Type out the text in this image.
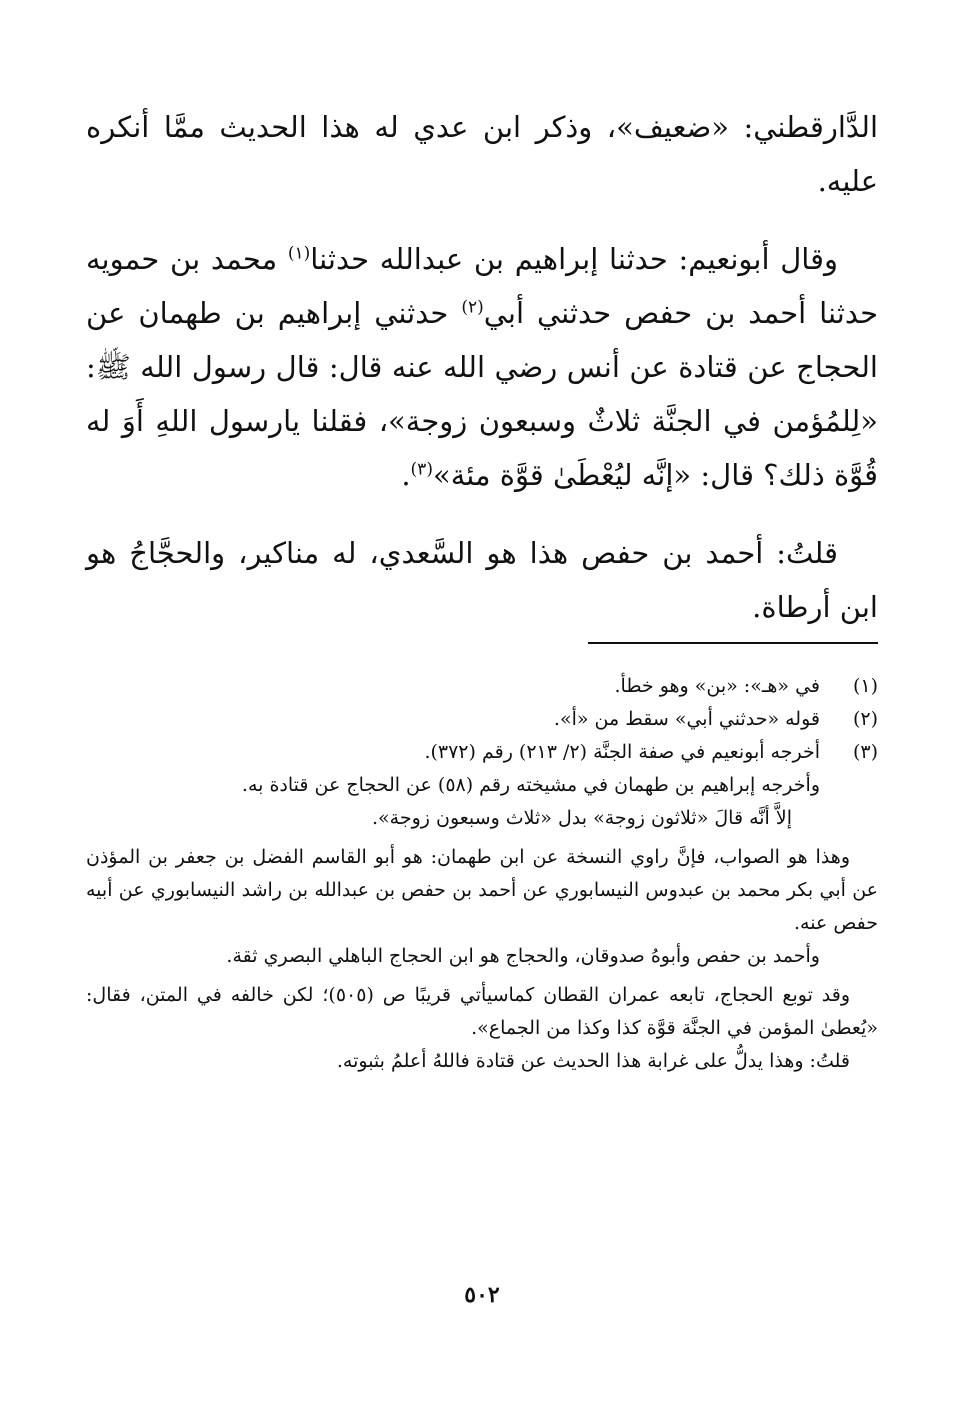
الدَّارقطني: «ضعيف»، وذكر ابن عدي له هذا الحديث ممَّا أنكره عليه.

وقال أبونعيم: حدثنا إبراهيم بن عبدالله حدثنا$^{(١)}$ محمد بن حمويه حدثنا أحمد بن حفص حدثني أبي$^{(٢)}$ حدثني إبراهيم بن طهمان عن الحجاج عن قتادة عن أنس رضي الله عنه قال: قال رسول الله ﷺ: «لِلمُؤمن في الجنَّة ثلاثٌ وسبعون زوجة»، فقلنا يارسول اللهِ أَوَ له قُوَّة ذلك؟ قال: «إنَّه ليُعْطَىٰ قوَّة مئة»$^{(٣)}$.

قلتُ: أحمد بن حفص هذا هو السَّعدي، له مناكير، والحجَّاجُ هو ابن أرطاة.

(١)
في «هـ»: «بن» وهو خطأ.
(٢)
قوله «حدثني أبي» سقط من «أ».
(٣)
أخرجه أبونعيم في صفة الجنَّة (٢/ ٢١٣) رقم (٣٧٢).
وأخرجه إبراهيم بن طهمان في مشيخته رقم (٥٨) عن الحجاج عن قتادة به.
إلاَّ أنَّه قالَ «ثلاثون زوجة» بدل «ثلاث وسبعون زوجة».
وهذا هو الصواب، فإنَّ راوي النسخة عن ابن طهمان: هو أبو القاسم الفضل بن جعفر بن المؤذن عن أبي بكر محمد بن عبدوس النيسابوري عن أحمد بن حفص بن عبدالله بن راشد النيسابوري عن أبيه حفص عنه.
وأحمد بن حفص وأبوهُ صدوقان، والحجاج هو ابن الحجاج الباهلي البصري ثقة.
وقد توبع الحجاج، تابعه عمران القطان كماسيأتي قريبًا ص (٥٠٥)؛ لكن خالفه في المتن، فقال: «يُعطىٰ المؤمن في الجنَّة قوَّة كذا وكذا من الجماع».
قلتُ: وهذا يدلُّ على غرابة هذا الحديث عن قتادة فاللهُ أعلمُ بثبوته.
٥٠٢
